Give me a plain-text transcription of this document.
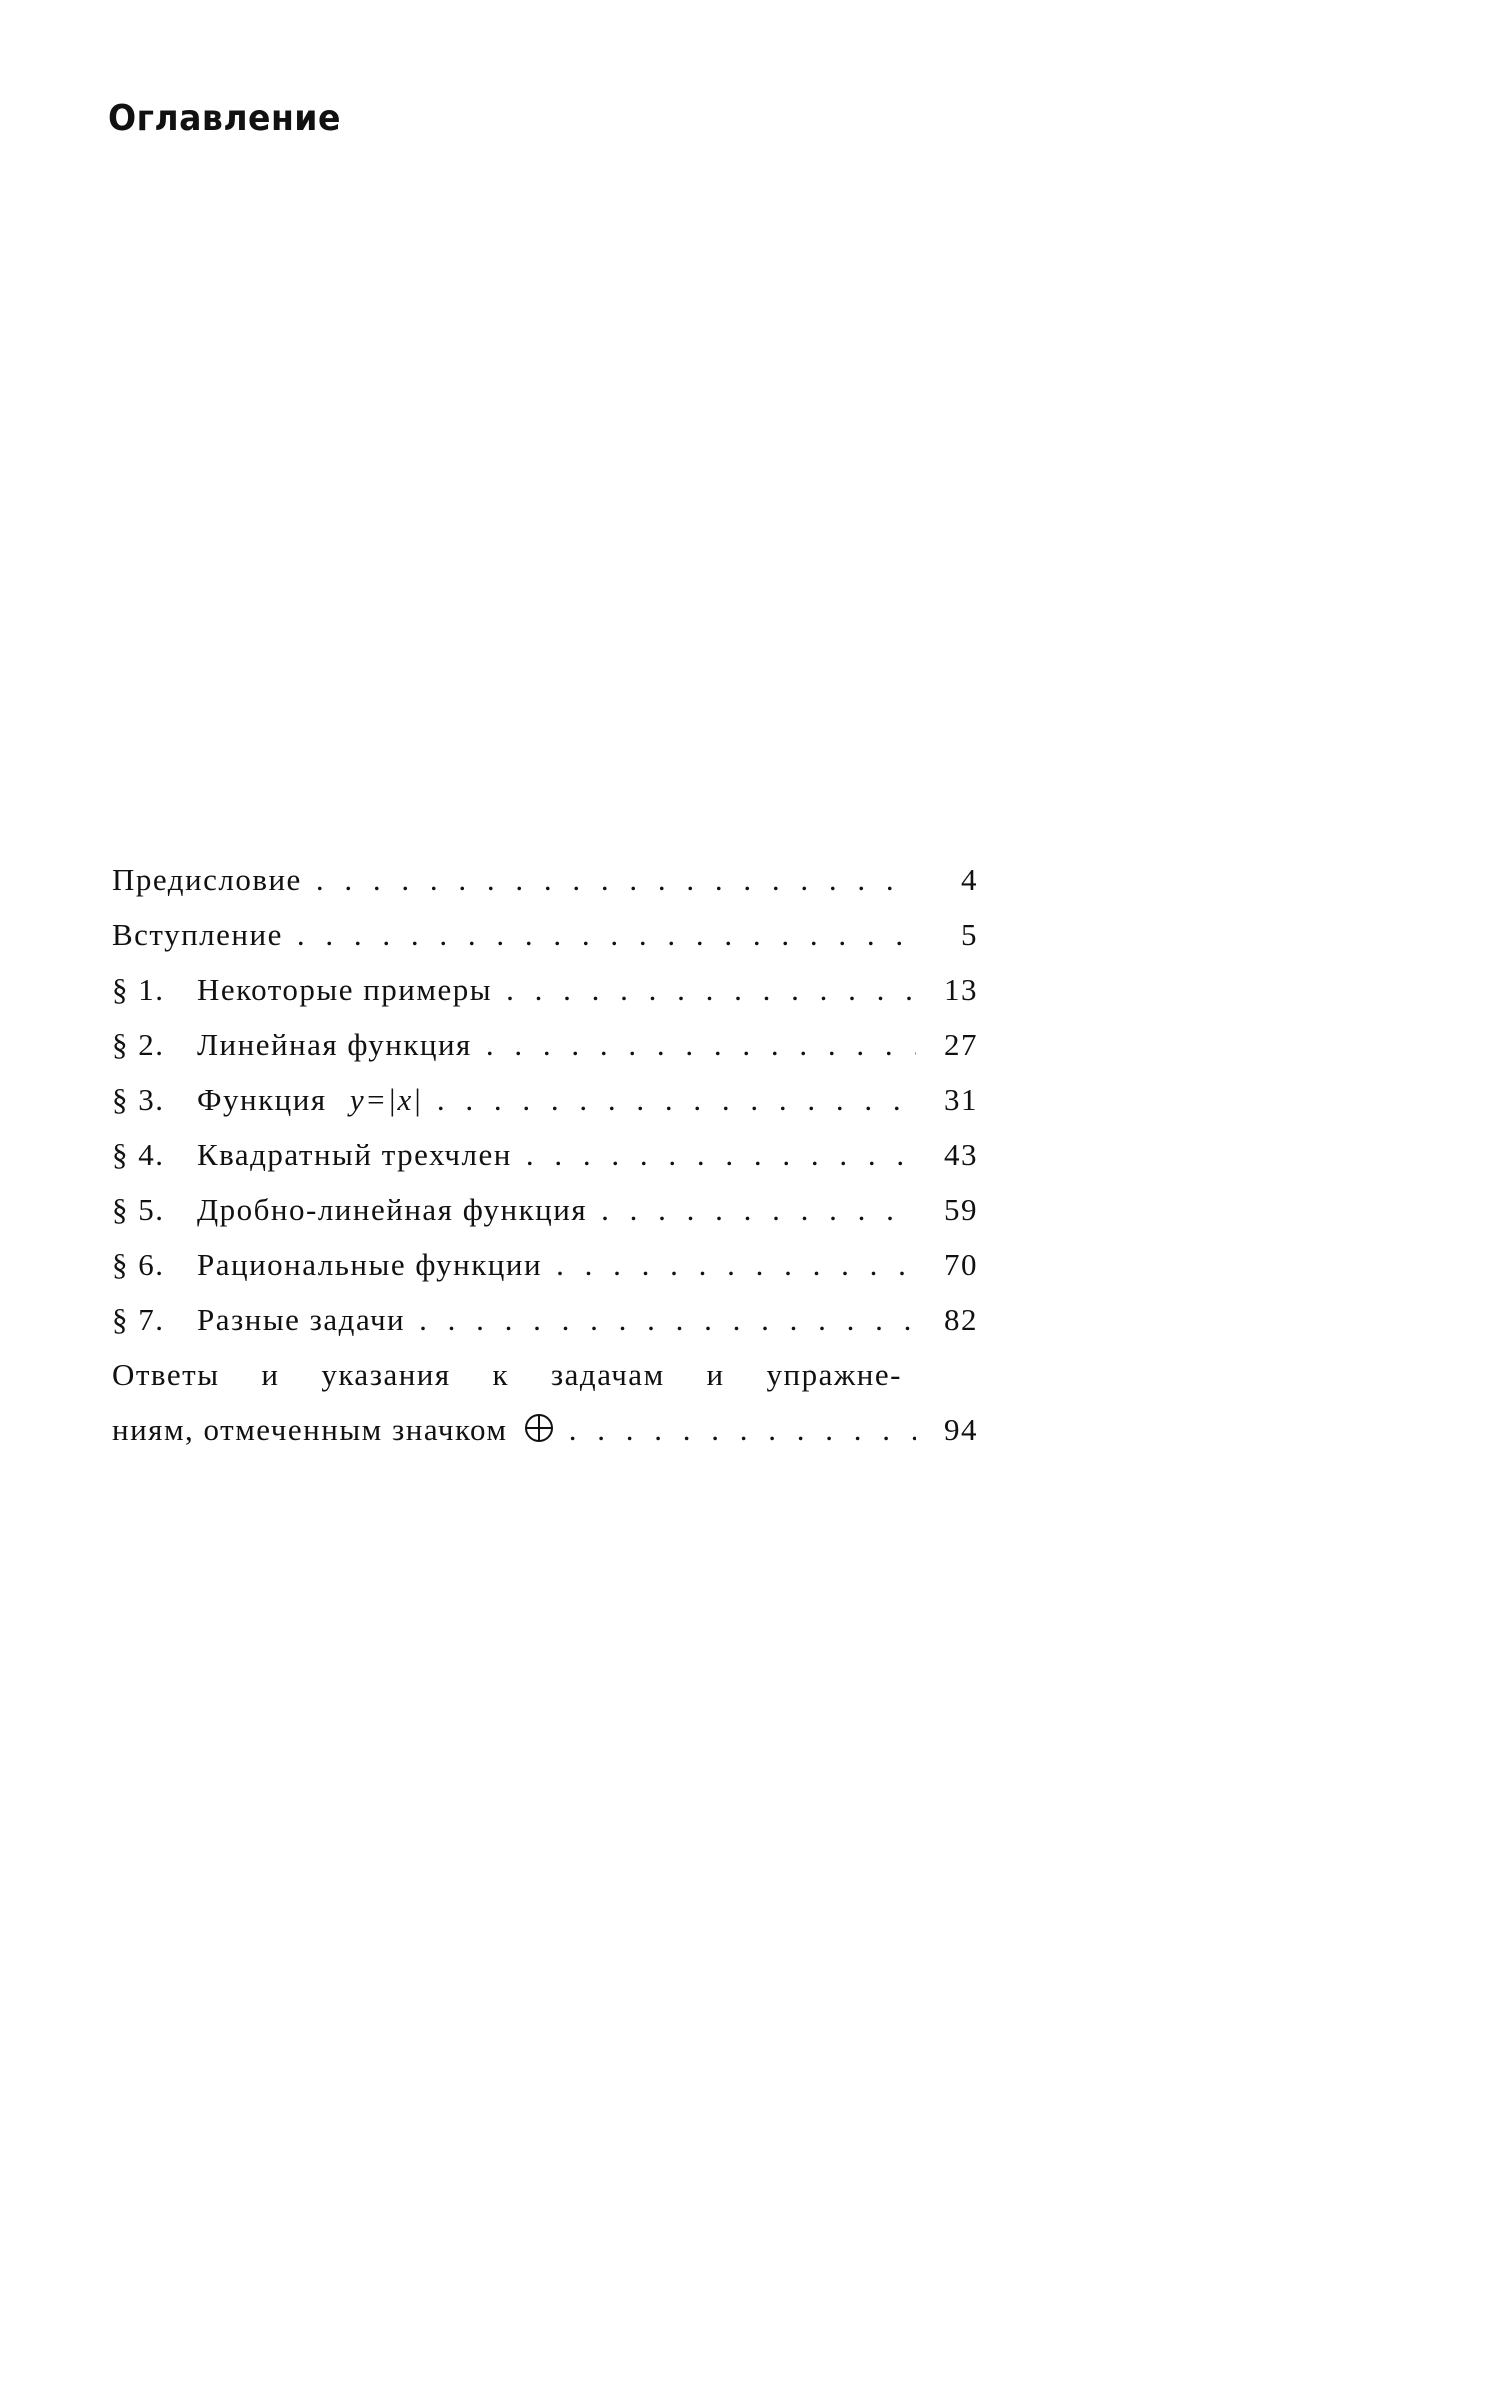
Оглавление
Предисловие . . .	4
Вступление . . .	5
§ 1.	Некоторые примеры . . .	13
§ 2.	Линейная функция . . .	27
§ 3.	Функция y=|x| . . .	31
§ 4.	Квадратный трехчлен . . .	43
§ 5.	Дробно-линейная функция . . .	59
§ 6.	Рациональные функции . . .	70
§ 7.	Разные задачи . . .	82
Ответы и указания к задачам и упражне-
ниям, отмеченным значком . . .	94
